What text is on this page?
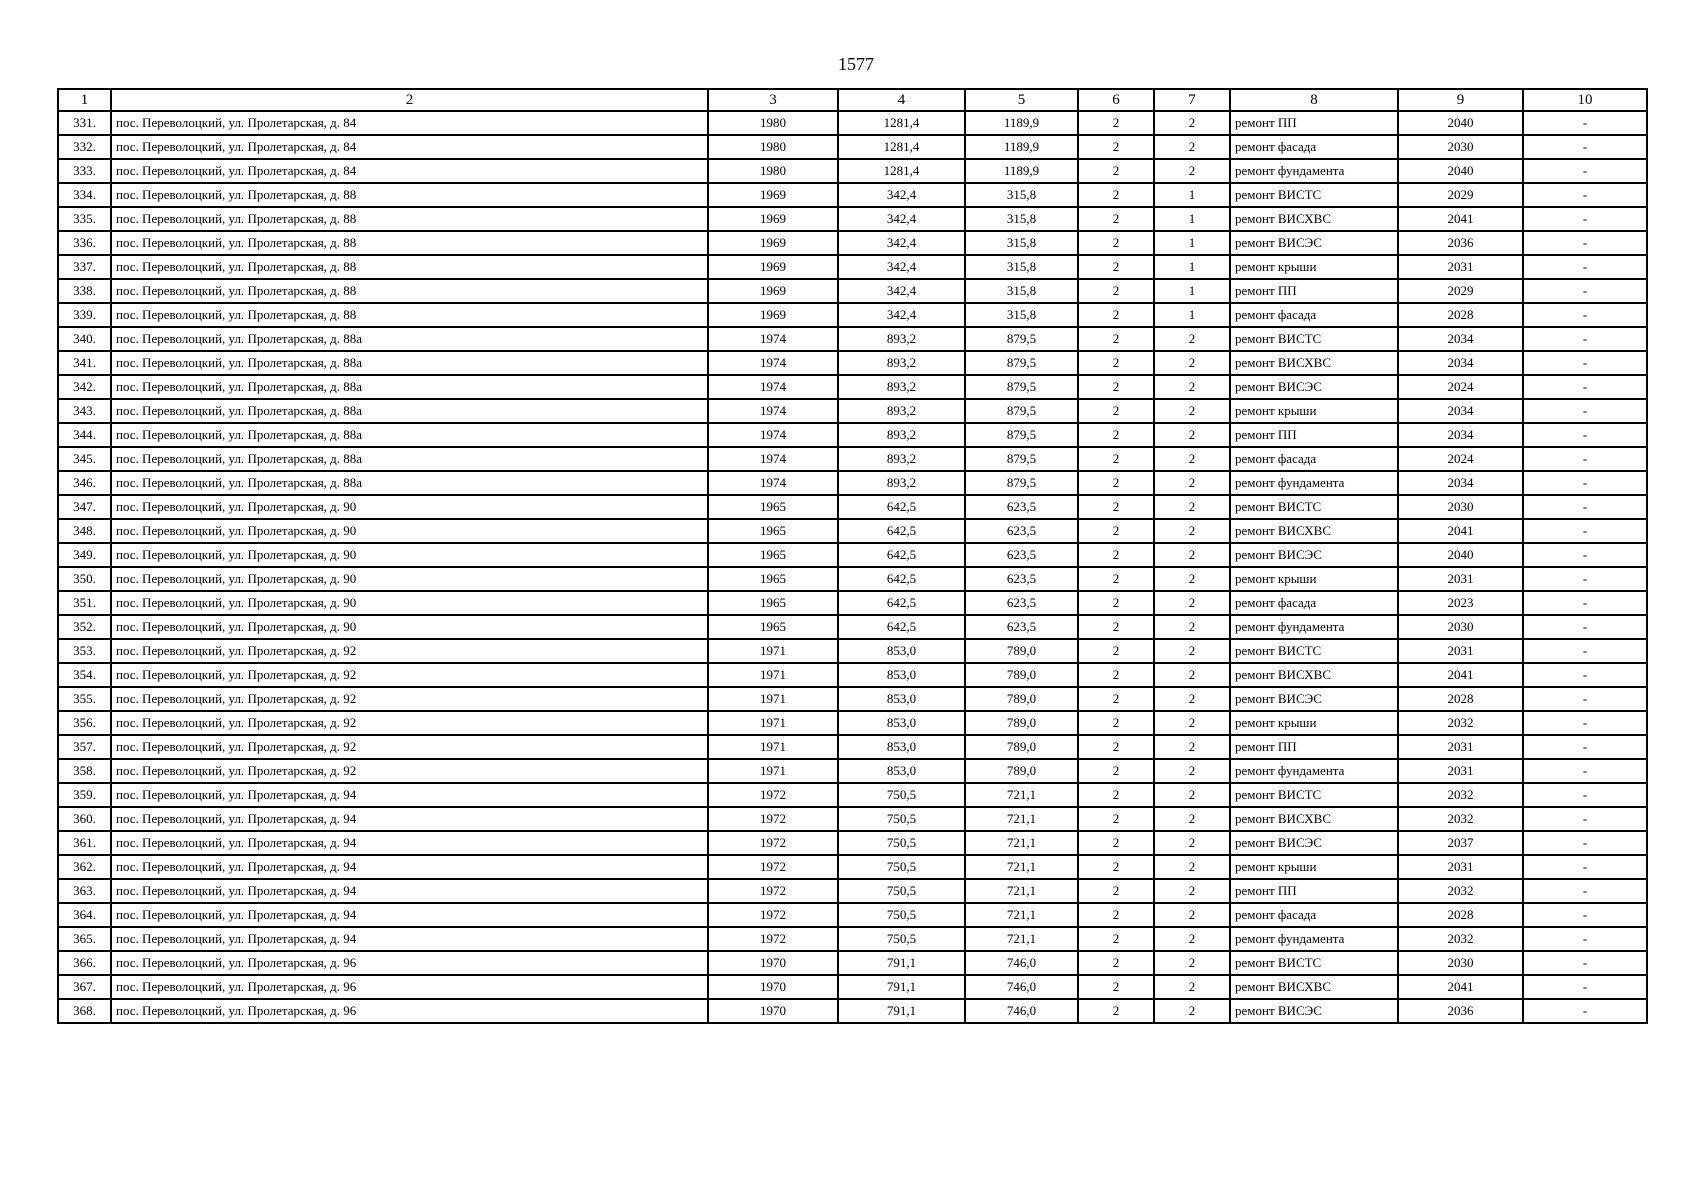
1577
1	2	3	4	5	6	7	8	9	10
331.	пос. Переволоцкий, ул. Пролетарская, д. 84	1980	1281,4	1189,9	2	2	ремонт ПП	2040	-
332.	пос. Переволоцкий, ул. Пролетарская, д. 84	1980	1281,4	1189,9	2	2	ремонт фасада	2030	-
333.	пос. Переволоцкий, ул. Пролетарская, д. 84	1980	1281,4	1189,9	2	2	ремонт фундамента	2040	-
334.	пос. Переволоцкий, ул. Пролетарская, д. 88	1969	342,4	315,8	2	1	ремонт ВИСТС	2029	-
335.	пос. Переволоцкий, ул. Пролетарская, д. 88	1969	342,4	315,8	2	1	ремонт ВИСХВС	2041	-
336.	пос. Переволоцкий, ул. Пролетарская, д. 88	1969	342,4	315,8	2	1	ремонт ВИСЭС	2036	-
337.	пос. Переволоцкий, ул. Пролетарская, д. 88	1969	342,4	315,8	2	1	ремонт крыши	2031	-
338.	пос. Переволоцкий, ул. Пролетарская, д. 88	1969	342,4	315,8	2	1	ремонт ПП	2029	-
339.	пос. Переволоцкий, ул. Пролетарская, д. 88	1969	342,4	315,8	2	1	ремонт фасада	2028	-
340.	пос. Переволоцкий, ул. Пролетарская, д. 88а	1974	893,2	879,5	2	2	ремонт ВИСТС	2034	-
341.	пос. Переволоцкий, ул. Пролетарская, д. 88а	1974	893,2	879,5	2	2	ремонт ВИСХВС	2034	-
342.	пос. Переволоцкий, ул. Пролетарская, д. 88а	1974	893,2	879,5	2	2	ремонт ВИСЭС	2024	-
343.	пос. Переволоцкий, ул. Пролетарская, д. 88а	1974	893,2	879,5	2	2	ремонт крыши	2034	-
344.	пос. Переволоцкий, ул. Пролетарская, д. 88а	1974	893,2	879,5	2	2	ремонт ПП	2034	-
345.	пос. Переволоцкий, ул. Пролетарская, д. 88а	1974	893,2	879,5	2	2	ремонт фасада	2024	-
346.	пос. Переволоцкий, ул. Пролетарская, д. 88а	1974	893,2	879,5	2	2	ремонт фундамента	2034	-
347.	пос. Переволоцкий, ул. Пролетарская, д. 90	1965	642,5	623,5	2	2	ремонт ВИСТС	2030	-
348.	пос. Переволоцкий, ул. Пролетарская, д. 90	1965	642,5	623,5	2	2	ремонт ВИСХВС	2041	-
349.	пос. Переволоцкий, ул. Пролетарская, д. 90	1965	642,5	623,5	2	2	ремонт ВИСЭС	2040	-
350.	пос. Переволоцкий, ул. Пролетарская, д. 90	1965	642,5	623,5	2	2	ремонт крыши	2031	-
351.	пос. Переволоцкий, ул. Пролетарская, д. 90	1965	642,5	623,5	2	2	ремонт фасада	2023	-
352.	пос. Переволоцкий, ул. Пролетарская, д. 90	1965	642,5	623,5	2	2	ремонт фундамента	2030	-
353.	пос. Переволоцкий, ул. Пролетарская, д. 92	1971	853,0	789,0	2	2	ремонт ВИСТС	2031	-
354.	пос. Переволоцкий, ул. Пролетарская, д. 92	1971	853,0	789,0	2	2	ремонт ВИСХВС	2041	-
355.	пос. Переволоцкий, ул. Пролетарская, д. 92	1971	853,0	789,0	2	2	ремонт ВИСЭС	2028	-
356.	пос. Переволоцкий, ул. Пролетарская, д. 92	1971	853,0	789,0	2	2	ремонт крыши	2032	-
357.	пос. Переволоцкий, ул. Пролетарская, д. 92	1971	853,0	789,0	2	2	ремонт ПП	2031	-
358.	пос. Переволоцкий, ул. Пролетарская, д. 92	1971	853,0	789,0	2	2	ремонт фундамента	2031	-
359.	пос. Переволоцкий, ул. Пролетарская, д. 94	1972	750,5	721,1	2	2	ремонт ВИСТС	2032	-
360.	пос. Переволоцкий, ул. Пролетарская, д. 94	1972	750,5	721,1	2	2	ремонт ВИСХВС	2032	-
361.	пос. Переволоцкий, ул. Пролетарская, д. 94	1972	750,5	721,1	2	2	ремонт ВИСЭС	2037	-
362.	пос. Переволоцкий, ул. Пролетарская, д. 94	1972	750,5	721,1	2	2	ремонт крыши	2031	-
363.	пос. Переволоцкий, ул. Пролетарская, д. 94	1972	750,5	721,1	2	2	ремонт ПП	2032	-
364.	пос. Переволоцкий, ул. Пролетарская, д. 94	1972	750,5	721,1	2	2	ремонт фасада	2028	-
365.	пос. Переволоцкий, ул. Пролетарская, д. 94	1972	750,5	721,1	2	2	ремонт фундамента	2032	-
366.	пос. Переволоцкий, ул. Пролетарская, д. 96	1970	791,1	746,0	2	2	ремонт ВИСТС	2030	-
367.	пос. Переволоцкий, ул. Пролетарская, д. 96	1970	791,1	746,0	2	2	ремонт ВИСХВС	2041	-
368.	пос. Переволоцкий, ул. Пролетарская, д. 96	1970	791,1	746,0	2	2	ремонт ВИСЭС	2036	-
